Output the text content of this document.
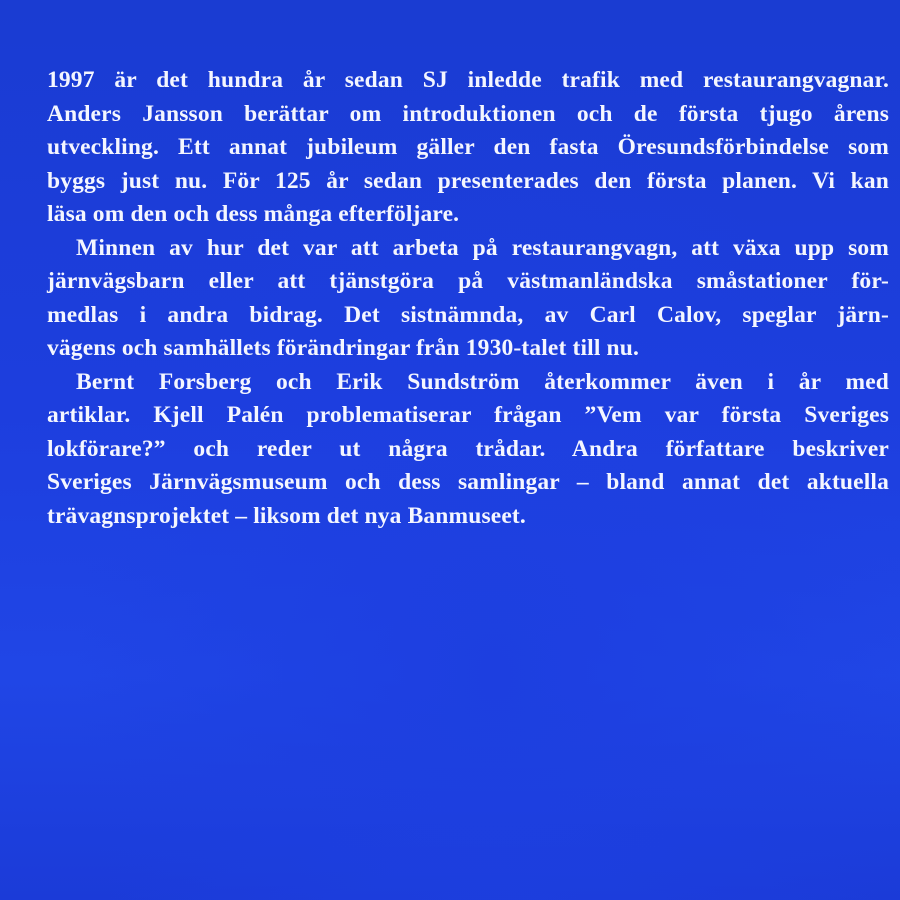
1997 är det hundra år sedan SJ inledde trafik med restaurangvagnar.
Anders Jansson berättar om introduktionen och de första tjugo årens
utveckling. Ett annat jubileum gäller den fasta Öresundsförbindelse som
byggs just nu. För 125 år sedan presenterades den första planen. Vi kan
läsa om den och dess många efterföljare.

Minnen av hur det var att arbeta på restaurangvagn, att växa upp som
järnvägsbarn eller att tjänstgöra på västmanländska småstationer för-
medlas i andra bidrag. Det sistnämnda, av Carl Calov, speglar järn-
vägens och samhällets förändringar från 1930-talet till nu.

Bernt Forsberg och Erik Sundström återkommer även i år med
artiklar. Kjell Palén problematiserar frågan ”Vem var första Sveriges
lokförare?” och reder ut några trådar. Andra författare beskriver
Sveriges Järnvägsmuseum och dess samlingar – bland annat det aktuella
trävagnsprojektet – liksom det nya Banmuseet.
